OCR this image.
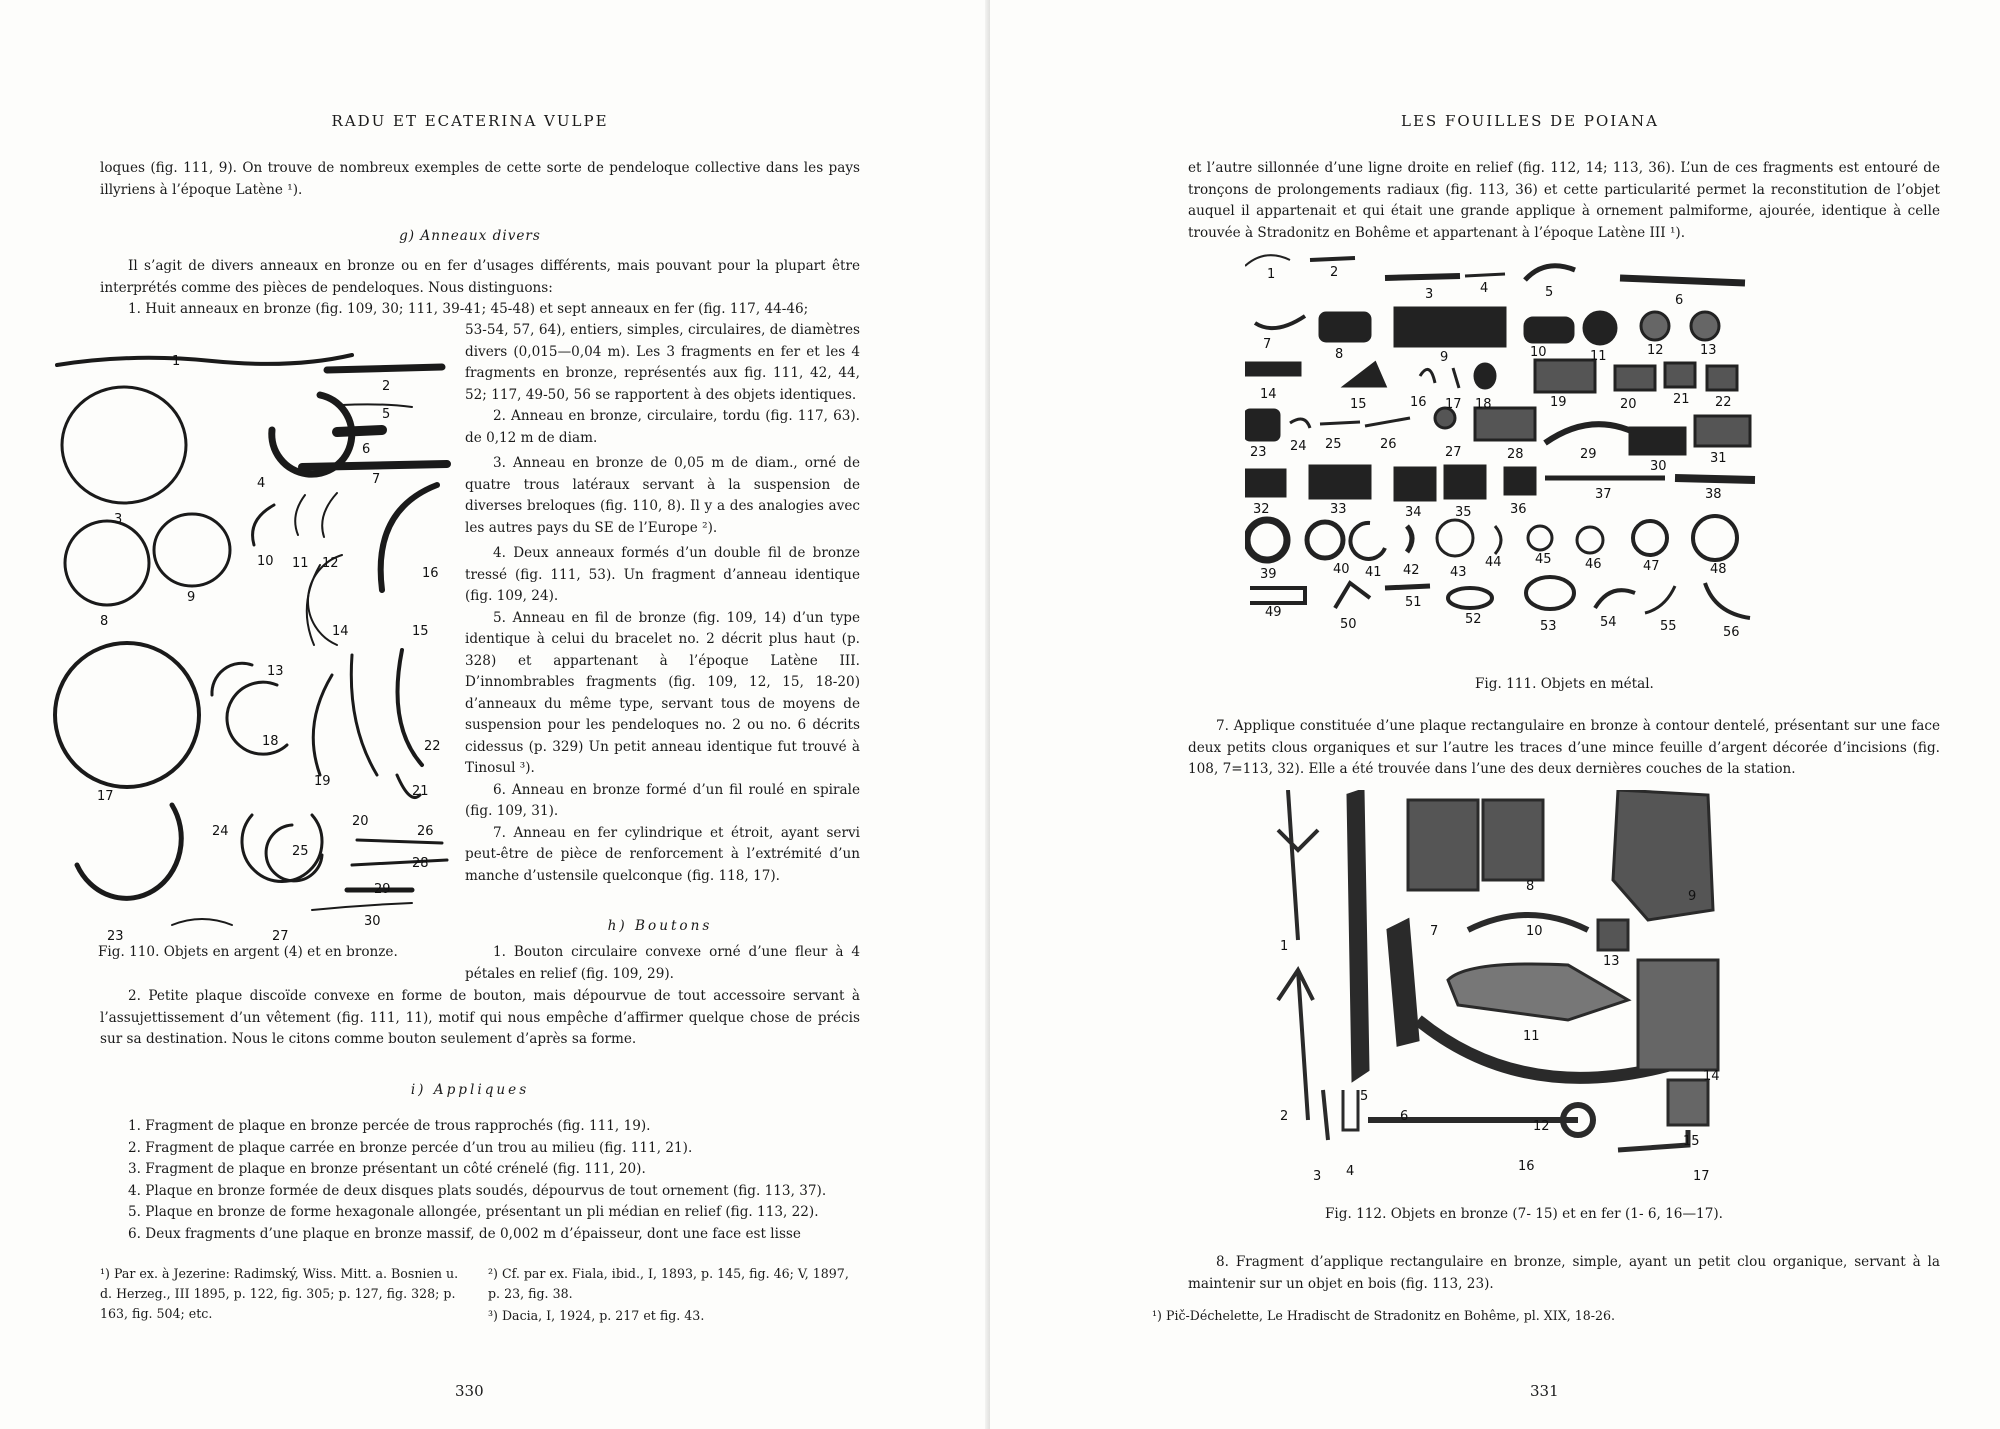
RADU ET ECATERINA VULPE

loques (fig. 111, 9). On trouve de nombreux exemples de cette sorte de pendeloque collective dans les pays illyriens à l’époque Latène ¹).

g) Anneaux divers

Il s’agit de divers anneaux en bronze ou en fer d’usages différents, mais pouvant pour la plupart être interprétés comme des pièces de pendeloques. Nous distinguons:

1. Huit anneaux en bronze (fig. 109, 30; 111, 39-41; 45-48) et sept anneaux en fer (fig. 117, 44-46;

1
2
3
4
5
6
7
8
9
10 11 12
13
14	15
16
17
18
19
20
21
22
23
24
25
26
27
28
29
30

53-54, 57, 64), entiers, simples, circulaires, de diamètres divers (0,015—0,04 m). Les 3 fragments en fer et les 4 fragments en bronze, représentés aux fig. 111, 42, 44, 52; 117, 49-50, 56 se rapportent à des objets identiques.

2. Anneau en bronze, circulaire, tordu (fig. 117, 63). de 0,12 m de diam.

3. Anneau en bronze de 0,05 m de diam., orné de quatre trous latéraux servant à la suspension de diverses breloques (fig. 110, 8). Il y a des analogies avec les autres pays du SE de l’Europe ²).

4. Deux anneaux formés d’un double fil de bronze tressé (fig. 111, 53). Un fragment d’anneau identique (fig. 109, 24).

5. Anneau en fil de bronze (fig. 109, 14) d’un type identique à celui du bracelet no. 2 décrit plus haut (p. 328) et appartenant à l’époque Latène III. D’innombrables fragments (fig. 109, 12, 15, 18-20) d’anneaux du même type, servant tous de moyens de suspension pour les pendeloques no. 2 ou no. 6 décrits cidessus (p. 329) Un petit anneau identique fut trouvé à Tinosul ³).

6. Anneau en bronze formé d’un fil roulé en spirale (fig. 109, 31).

7. Anneau en fer cylindrique et étroit, ayant servi peut-être de pièce de renforcement à l’extrémité d’un manche d’ustensile quelconque (fig. 118, 17).

h) Boutons
Fig. 110. Objets en argent (4) et en bronze.	1. Bouton circulaire convexe orné d’une fleur à 4 pétales en relief (fig. 109, 29).

2. Petite plaque discoïde convexe en forme de bouton, mais dépourvue de tout accessoire servant à l’assujettissement d’un vêtement (fig. 111, 11), motif qui nous empêche d’affirmer quelque chose de précis sur sa destination. Nous le citons comme bouton seulement d’après sa forme.

i) Appliques

1. Fragment de plaque en bronze percée de trous rapprochés (fig. 111, 19).

2. Fragment de plaque carrée en bronze percée d’un trou au milieu (fig. 111, 21).

3. Fragment de plaque en bronze présentant un côté crénelé (fig. 111, 20).

4. Plaque en bronze formée de deux disques plats soudés, dépourvus de tout ornement (fig. 113, 37).

5. Plaque en bronze de forme hexagonale allongée, présentant un pli médian en relief (fig. 113, 22).

6. Deux fragments d’une plaque en bronze massif, de 0,002 m d’épaisseur, dont une face est lisse

¹) Par ex. à Jezerine: Radimský, Wiss. Mitt. a. Bosnien u. d. Herzeg., III 1895, p. 122, fig. 305; p. 127, fig. 328; p. 163, fig. 504; etc.
²) Cf. par ex. Fiala, ibid., I, 1893, p. 145, fig. 46; V, 1897, p. 23, fig. 38.
³) Dacia, I, 1924, p. 217 et fig. 43.
330
LES FOUILLES DE POIANA

et l’autre sillonnée d’une ligne droite en relief (fig. 112, 14; 113, 36). L’un de ces fragments est entouré de tronçons de prolongements radiaux (fig. 113, 36) et cette particularité permet la reconstitution de l’objet auquel il appartenait et qui était une grande applique à ornement palmiforme, ajourée, identique à celle trouvée à Stradonitz en Bohême et appartenant à l’époque Latène III ¹).

1	2
3	4	5
6
7
8	9	10	11	12	13
14
15	16 17 18	19	20	21 22
23 24 25	26
27	28	29
30
31
32	33	34	35	36
37	38
39	40 41 42 43
44	45	46	47	48
49
50
51
52	53	54	55	56
Fig. 111. Objets en métal.

7. Applique constituée d’une plaque rectangulaire en bronze à contour dentelé, présentant sur une face deux petits clous organiques et sur l’autre les traces d’une mince feuille d’argent décorée d’incisions (fig. 108, 7=113, 32). Elle a été trouvée dans l’une des deux dernières couches de la station.

1
2
3 4
5
6
7
8
9
10
11
12
13
14
15
16
17
Fig. 112. Objets en bronze (7- 15) et en fer (1- 6, 16—17).

8. Fragment d’applique rectangulaire en bronze, simple, ayant un petit clou organique, servant à la maintenir sur un objet en bois (fig. 113, 23).

¹) Pič-Déchelette, Le Hradischt de Stradonitz en Bohême, pl. XIX, 18-26.
331
